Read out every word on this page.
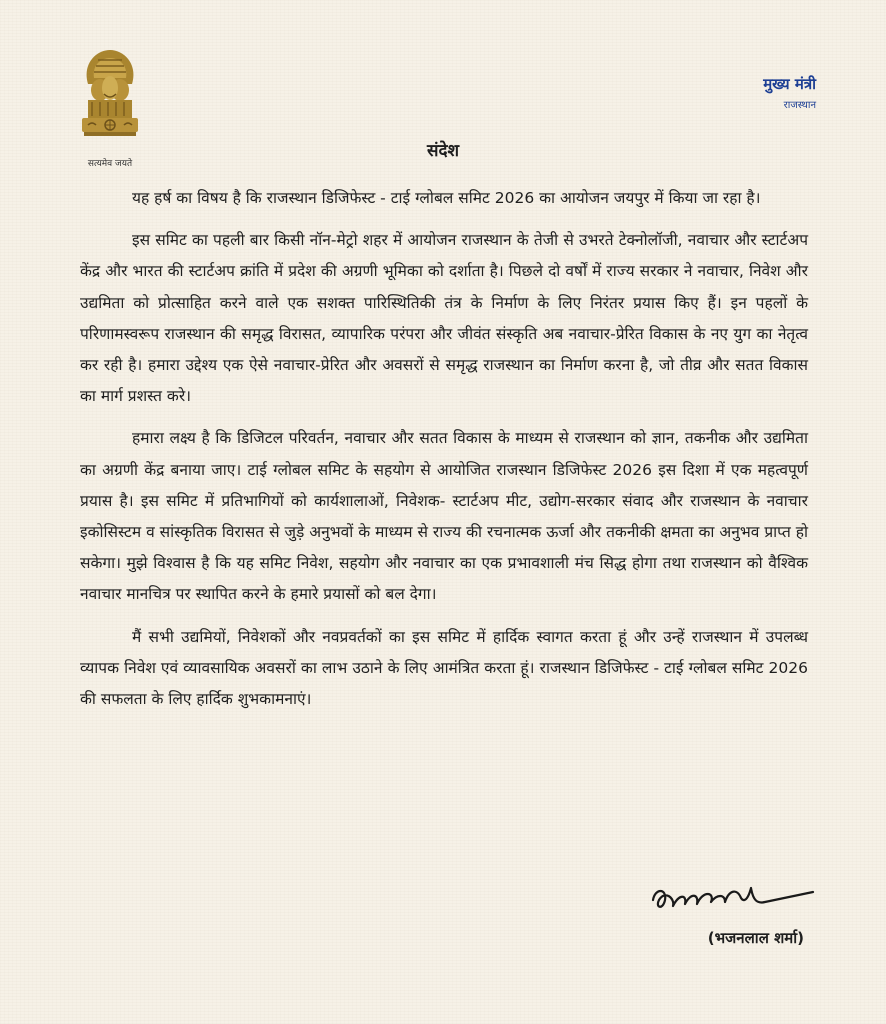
सत्यमेव जयते
मुख्य मंत्री
राजस्थान
संदेश

यह हर्ष का विषय है कि राजस्थान डिजिफेस्ट - टाई ग्लोबल समिट 2026 का आयोजन जयपुर में किया जा रहा है।

इस समिट का पहली बार किसी नॉन-मेट्रो शहर में आयोजन राजस्थान के तेजी से उभरते टेक्नोलॉजी, नवाचार और स्टार्टअप केंद्र और भारत की स्टार्टअप क्रांति में प्रदेश की अग्रणी भूमिका को दर्शाता है। पिछले दो वर्षों में राज्य सरकार ने नवाचार, निवेश और उद्यमिता को प्रोत्साहित करने वाले एक सशक्त पारिस्थितिकी तंत्र के निर्माण के लिए निरंतर प्रयास किए हैं। इन पहलों के परिणामस्वरूप राजस्थान की समृद्ध विरासत, व्यापारिक परंपरा और जीवंत संस्कृति अब नवाचार-प्रेरित विकास के नए युग का नेतृत्व कर रही है। हमारा उद्देश्य एक ऐसे नवाचार-प्रेरित और अवसरों से समृद्ध राजस्थान का निर्माण करना है, जो तीव्र और सतत विकास का मार्ग प्रशस्त करे।

हमारा लक्ष्य है कि डिजिटल परिवर्तन, नवाचार और सतत विकास के माध्यम से राजस्थान को ज्ञान, तकनीक और उद्यमिता का अग्रणी केंद्र बनाया जाए। टाई ग्लोबल समिट के सहयोग से आयोजित राजस्थान डिजिफेस्ट 2026 इस दिशा में एक महत्वपूर्ण प्रयास है। इस समिट में प्रतिभागियों को कार्यशालाओं, निवेशक- स्टार्टअप मीट, उद्योग-सरकार संवाद और राजस्थान के नवाचार इकोसिस्टम व सांस्कृतिक विरासत से जुड़े अनुभवों के माध्यम से राज्य की रचनात्मक ऊर्जा और तकनीकी क्षमता का अनुभव प्राप्त हो सकेगा। मुझे विश्वास है कि यह समिट निवेश, सहयोग और नवाचार का एक प्रभावशाली मंच सिद्ध होगा तथा राजस्थान को वैश्विक नवाचार मानचित्र पर स्थापित करने के हमारे प्रयासों को बल देगा।

मैं सभी उद्यमियों, निवेशकों और नवप्रवर्तकों का इस समिट में हार्दिक स्वागत करता हूं और उन्हें राजस्थान में उपलब्ध व्यापक निवेश एवं व्यावसायिक अवसरों का लाभ उठाने के लिए आमंत्रित करता हूं। राजस्थान डिजिफेस्ट - टाई ग्लोबल समिट 2026 की सफलता के लिए हार्दिक शुभकामनाएं।

(भजनलाल शर्मा)
